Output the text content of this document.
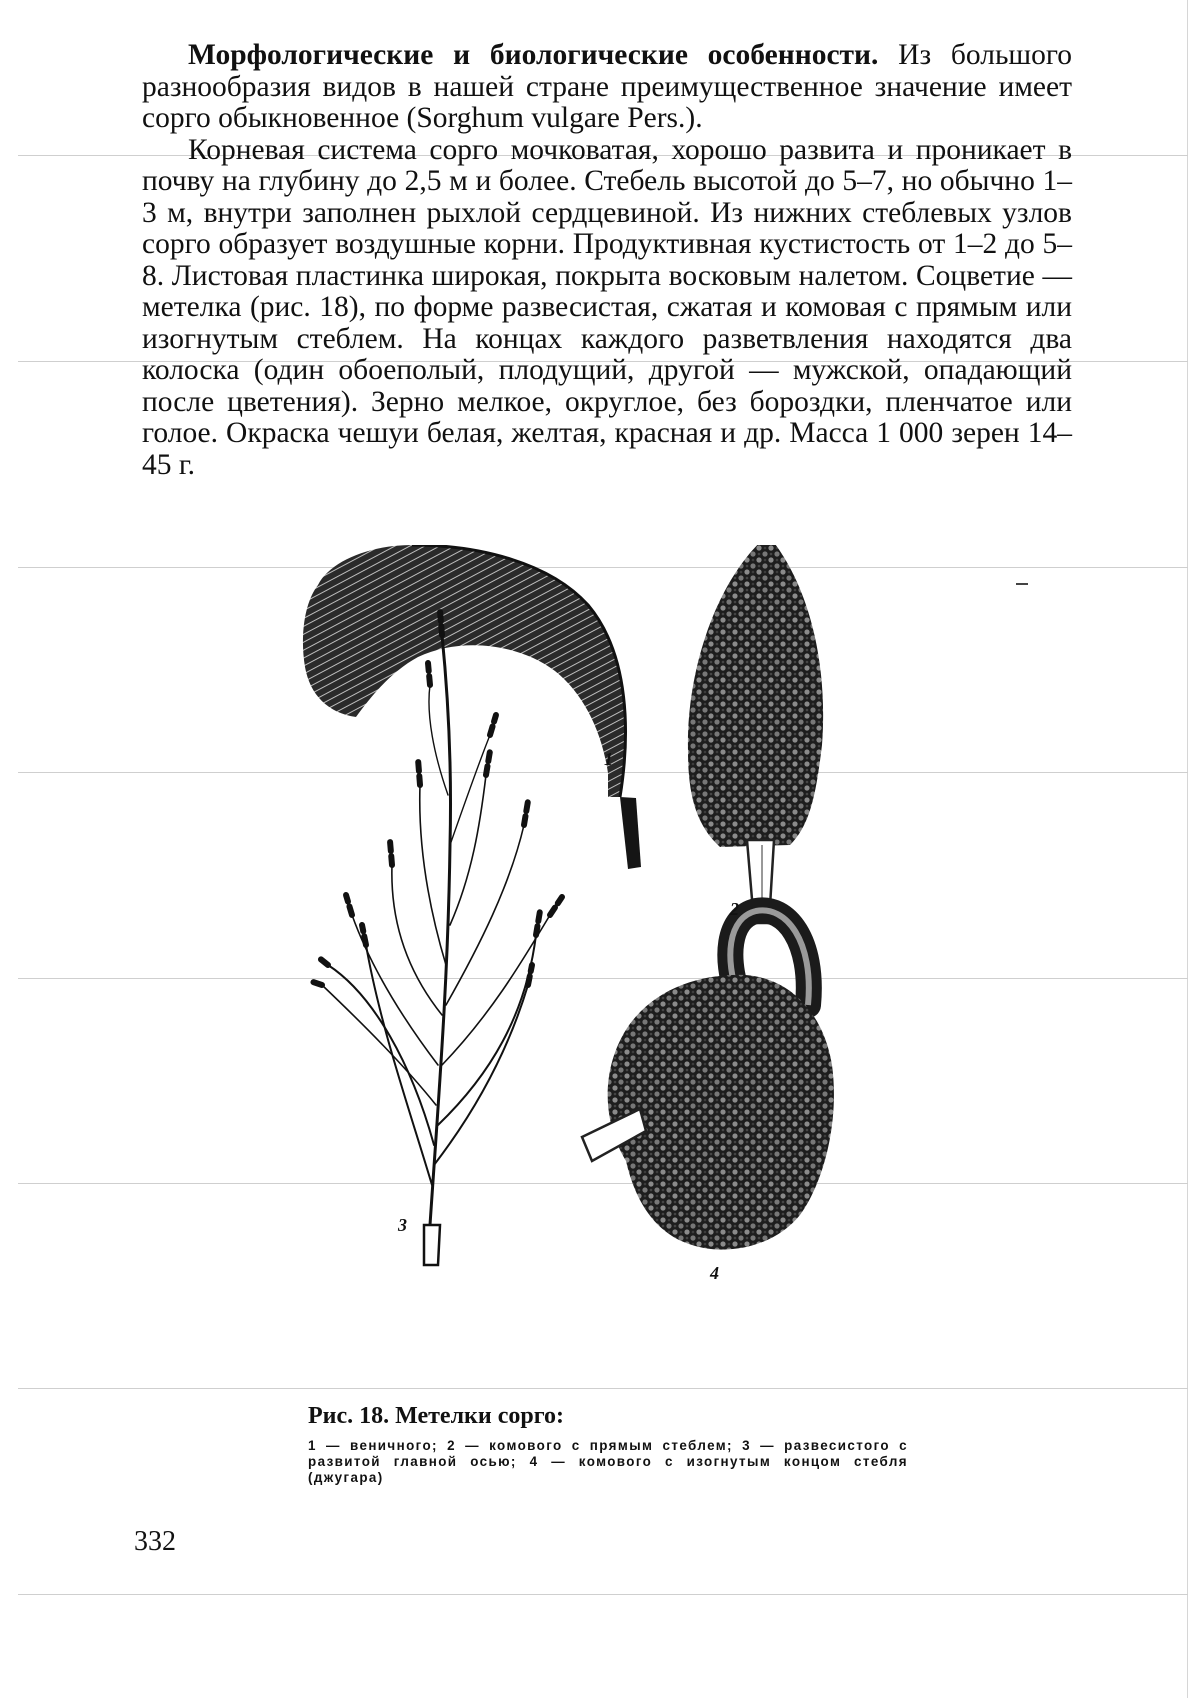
Морфологические и биологические особенности. Из большого разнообразия видов в нашей стране преимущественное значение имеет сорго обыкновенное (Sorghum vulgare Pers.).

Корневая система сорго мочковатая, хорошо развита и проникает в почву на глубину до 2,5 м и более. Стебель высотой до 5–7, но обычно 1–3 м, внутри заполнен рыхлой сердцевиной. Из нижних стеблевых узлов сорго образует воздушные корни. Продуктивная кустистость от 1–2 до 5–8. Листовая пластинка широкая, покрыта восковым налетом. Соцветие — метелка (рис. 18), по форме развесистая, сжатая и комовая с прямым или изогнутым стеблем. На концах каждого разветвления находятся два колоска (один обоеполый, плодущий, другой — мужской, опадающий после цветения). Зерно мелкое, округлое, без бороздки, пленчатое или голое. Окраска чешуи белая, желтая, красная и др. Масса 1 000 зерен 14–45 г.

1
2
3
4
Рис. 18. Метелки сорго:
1 — веничного; 2 — комового с прямым стеблем; 3 — развесистого с развитой главной осью; 4 — комового с изогнутым концом стебля (джугара)
332
